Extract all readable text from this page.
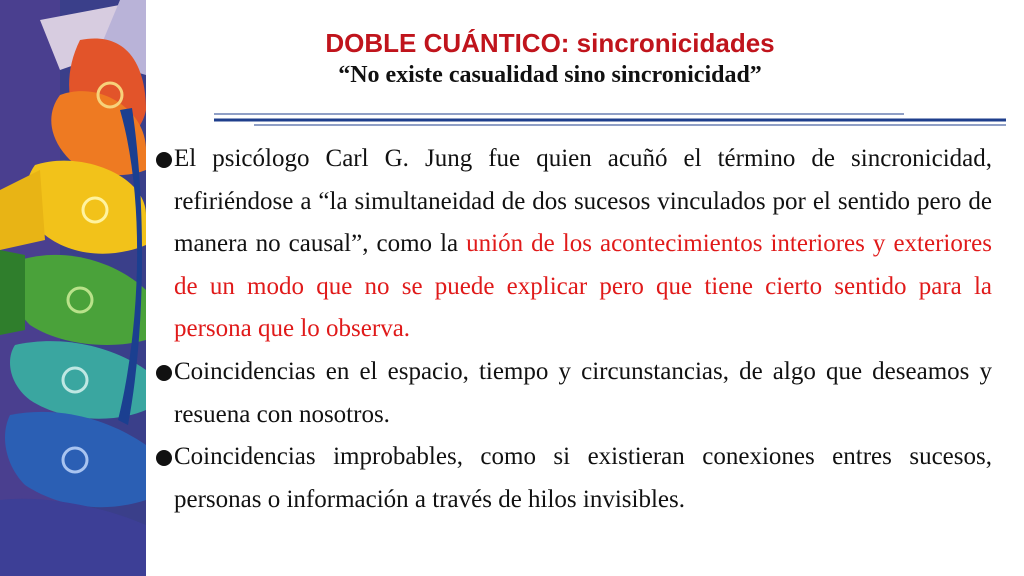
DOBLE CUÁNTICO: sincronicidades
“No existe casualidad sino sincronicidad”
El psicólogo Carl G. Jung fue quien acuñó el término de sincronicidad, refiriéndose a “la simultaneidad de dos sucesos vinculados por el sentido pero de manera no causal”, como la unión de los acontecimientos interiores y exteriores de un modo que no se puede explicar pero que tiene cierto sentido para la persona que lo observa.
Coincidencias en el espacio, tiempo y circunstancias, de algo que deseamos y resuena con nosotros.
Coincidencias improbables, como si existieran conexiones entres sucesos, personas o información a través de hilos invisibles.
